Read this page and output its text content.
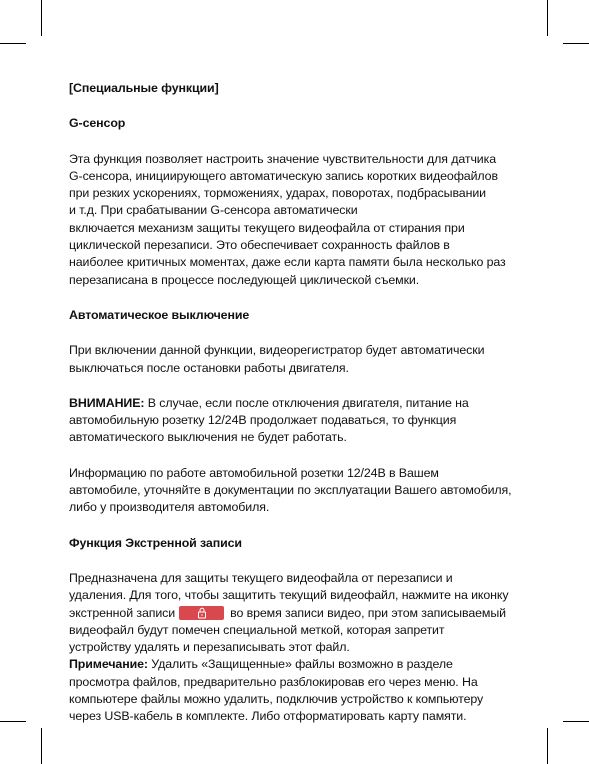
[Специальные функции]

G-сенсор

Эта функция позволяет настроить значение чувствительности для датчика

G-сенсора, инициирующего автоматическую запись коротких видеофайлов

при резких ускорениях, торможениях, ударах, поворотах, подбрасывании

и т.д. При срабатывании G-сенсора автоматически

включается механизм защиты текущего видеофайла от стирания при

циклической перезаписи. Это обеспечивает сохранность файлов в

наиболее критичных моментах, даже если карта памяти была несколько раз

перезаписана в процессе последующей циклической съемки.

Автоматическое выключение

При включении данной функции, видеорегистратор будет автоматически

выключаться после остановки работы двигателя.

ВНИМАНИЕ: В случае, если после отключения двигателя, питание на

автомобильную розетку 12/24В продолжает подаваться, то функция

автоматического выключения не будет работать.

Информацию по работе автомобильной розетки 12/24В в Вашем

автомобиле, уточняйте в документации по эксплуатации Вашего автомобиля,

либо у производителя автомобиля.

Функция Экстренной записи

Предназначена для защиты текущего видеофайла от перезаписи и

удаления. Для того, чтобы защитить текущий видеофайл, нажмите на иконку

экстренной записи	во время записи видео, при этом записываемый

видеофайл будут помечен специальной меткой, которая запретит

устройству удалять и перезаписывать этот файл.

Примечание: Удалить «Защищенные» файлы возможно в разделе

просмотра файлов, предварительно разблокировав его через меню. На

компьютере файлы можно удалить, подключив устройство к компьютеру

через USB-кабель в комплекте. Либо отформатировать карту памяти.
